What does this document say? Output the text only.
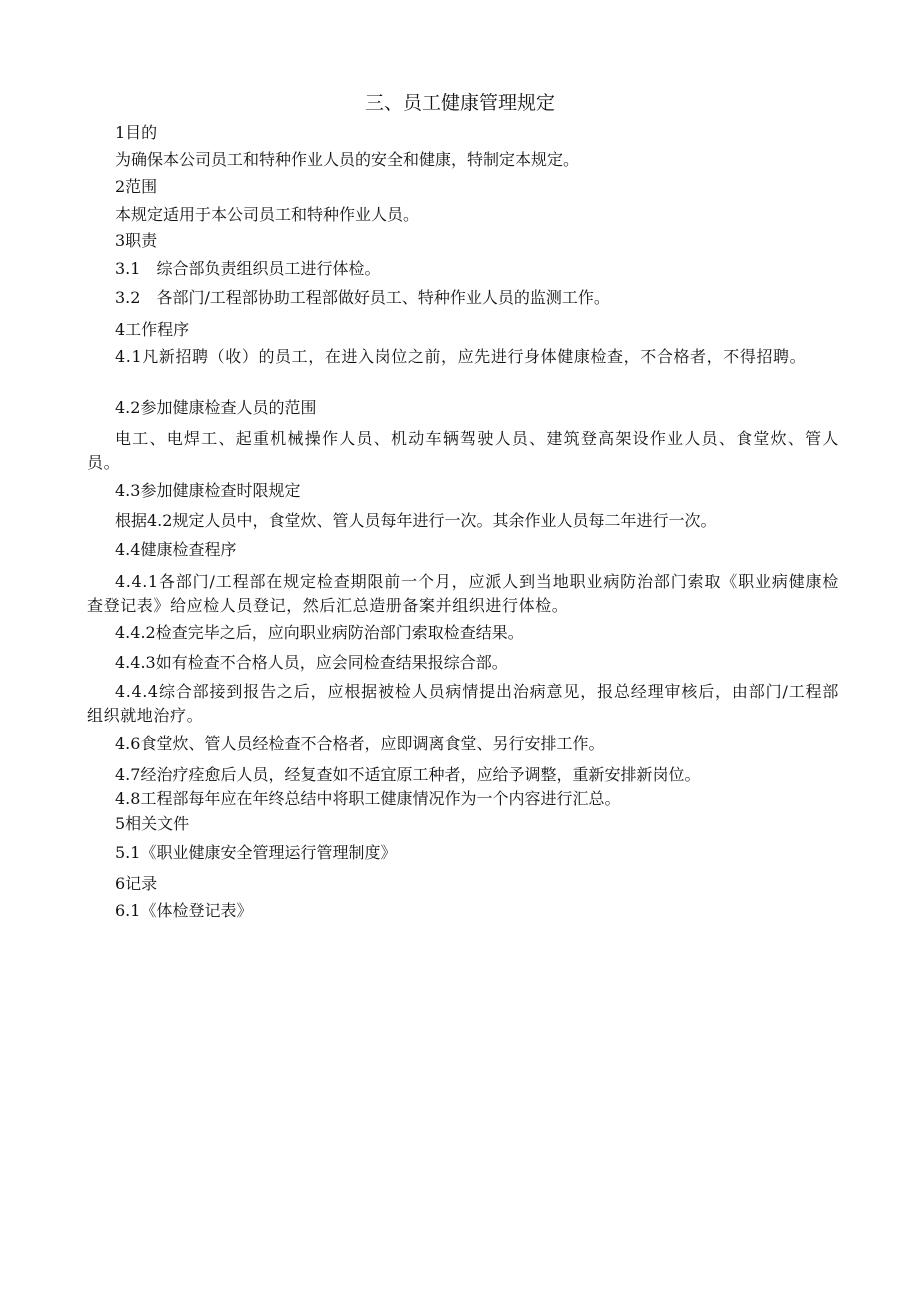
三、员工健康管理规定
1目的
为确保本公司员工和特种作业人员的安全和健康，特制定本规定。
2范围
本规定适用于本公司员工和特种作业人员。
3职责
3.1　综合部负责组织员工进行体检。
3.2　各部门/工程部协助工程部做好员工、特种作业人员的监测工作。
4工作程序
4.1凡新招聘（收）的员工，在进入岗位之前，应先进行身体健康检查，不合格者，不得招聘。
4.2参加健康检查人员的范围
电工、电焊工、起重机械操作人员、机动车辆驾驶人员、建筑登高架设作业人员、食堂炊、管人员。
4.3参加健康检查时限规定
根据4.2规定人员中，食堂炊、管人员每年进行一次。其余作业人员每二年进行一次。
4.4健康检查程序
4.4.1各部门/工程部在规定检查期限前一个月，应派人到当地职业病防治部门索取《职业病健康检查登记表》给应检人员登记，然后汇总造册备案并组织进行体检。
4.4.2检查完毕之后，应向职业病防治部门索取检查结果。
4.4.3如有检查不合格人员，应会同检查结果报综合部。
4.4.4综合部接到报告之后，应根据被检人员病情提出治病意见，报总经理审核后，由部门/工程部组织就地治疗。
4.6食堂炊、管人员经检查不合格者，应即调离食堂、另行安排工作。
4.7经治疗痊愈后人员，经复查如不适宜原工种者，应给予调整，重新安排新岗位。
4.8工程部每年应在年终总结中将职工健康情况作为一个内容进行汇总。
5相关文件
5.1《职业健康安全管理运行管理制度》
6记录
6.1《体检登记表》
